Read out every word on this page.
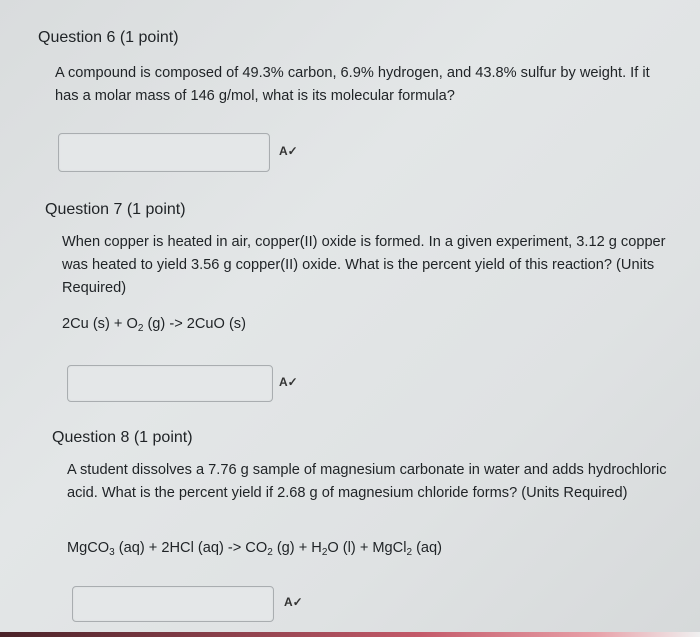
Question 6 (1 point)
A compound is composed of 49.3% carbon, 6.9% hydrogen, and 43.8% sulfur by weight. If it has a molar mass of 146 g/mol, what is its molecular formula?
A✓
Question 7 (1 point)
When copper is heated in air, copper(II) oxide is formed. In a given experiment, 3.12 g copper was heated to yield 3.56 g copper(II) oxide. What is the percent yield of this reaction? (Units Required)
2Cu $(s) + O_2$ (g) -> 2CuO (s)
A✓
Question 8 (1 point)
A student dissolves a 7.76 g sample of magnesium carbonate in water and adds hydrochloric acid. What is the percent yield if 2.68 g of magnesium chloride forms? (Units Required)
MgCO$_3$ (aq) + 2HCl $(aq) -> CO_2$ $(g) + H_2O$ (l) + MgCl$_2$ (aq)
A✓
